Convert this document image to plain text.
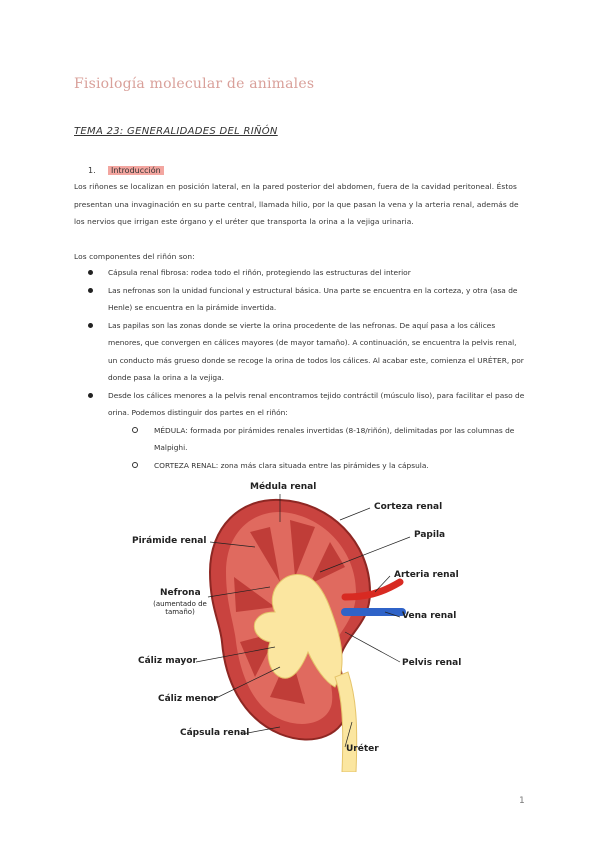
Fisiología molecular de animales
TEMA 23: GENERALIDADES DEL RIÑÓN
1. Introducción
Los riñones se localizan en posición lateral, en la pared posterior del abdomen, fuera de la cavidad peritoneal. Éstos presentan una invaginación en su parte central, llamada hilio, por la que pasan la vena y la arteria renal, además de los nervios que irrigan este órgano y el uréter que transporta la orina a la vejiga urinaria.
Los componentes del riñón son:
Cápsula renal fibrosa: rodea todo el riñón, protegiendo las estructuras del interior
Las nefronas son la unidad funcional y estructural básica. Una parte se encuentra en la corteza, y otra (asa de Henle) se encuentra en la pirámide invertida.
Las papilas son las zonas donde se vierte la orina procedente de las nefronas. De aquí pasa a los cálices menores, que convergen en cálices mayores (de mayor tamaño). A continuación, se encuentra la pelvis renal, un conducto más grueso donde se recoge la orina de todos los cálices. Al acabar este, comienza el URÉTER, por donde pasa la orina a la vejiga.
Desde los cálices menores a la pelvis renal encontramos tejido contráctil (músculo liso), para facilitar el paso de orina. Podemos distinguir dos partes en el riñón:
MÉDULA: formada por pirámides renales invertidas (8-18/riñón), delimitadas por las columnas de Malpighi.
CORTEZA RENAL: zona más clara situada entre las pirámides y la cápsula.
Médula renal
Corteza renal
Pirámide renal
Papila
Arteria renal
Nefrona
(aumentado de tamaño)	Vena renal
Cáliz mayor	Pelvis renal
Cáliz menor
Cápsula renal
Uréter
1
